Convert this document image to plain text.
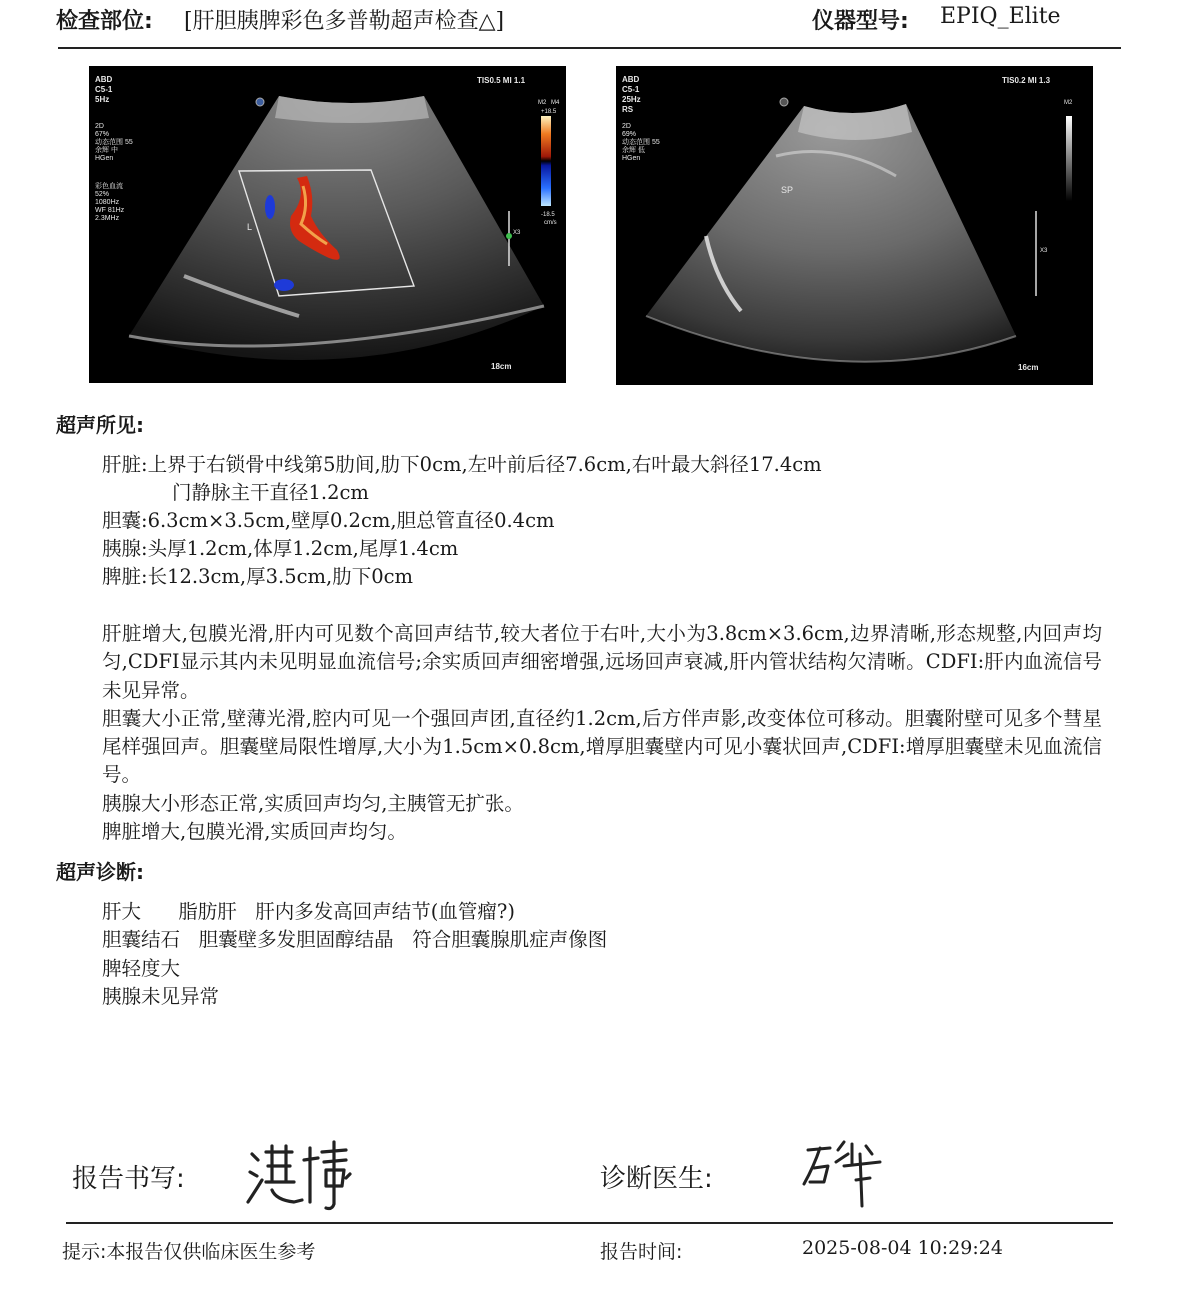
检查部位: [肝胆胰脾彩色多普勒超声检查△]	仪器型号: EPIQ_Elite
ABD
C5-1
5Hz
2D
67%
动态范围 55
余辉 中
HGen
彩色血流
52%
1080Hz
WF 81Hz
2.3MHz
TIS0.5 MI 1.1
M2 M4
+18.5
-18.5
cm/s
L
X3
18cm
ABD
C5-1
25Hz
RS
2D
69%
动态范围 55
余辉 低
HGen
TIS0.2 MI 1.3
M2
SP
X3
16cm
超声所见:
肝脏:上界于右锁骨中线第5肋间,肋下0cm,左叶前后径7.6cm,右叶最大斜径17.4cm
门静脉主干直径1.2cm
胆囊:6.3cm×3.5cm,壁厚0.2cm,胆总管直径0.4cm
胰腺:头厚1.2cm,体厚1.2cm,尾厚1.4cm
脾脏:长12.3cm,厚3.5cm,肋下0cm
肝脏增大,包膜光滑,肝内可见数个高回声结节,较大者位于右叶,大小为3.8cm×3.6cm,边界清晰,形态规整,内回声均匀,CDFI显示其内未见明显血流信号;余实质回声细密增强,远场回声衰减,肝内管状结构欠清晰。CDFI:肝内血流信号未见异常。
胆囊大小正常,壁薄光滑,腔内可见一个强回声团,直径约1.2cm,后方伴声影,改变体位可移动。胆囊附壁可见多个彗星尾样强回声。胆囊壁局限性增厚,大小为1.5cm×0.8cm,增厚胆囊壁内可见小囊状回声,CDFI:增厚胆囊壁未见血流信号。
胰腺大小形态正常,实质回声均匀,主胰管无扩张。
脾脏增大,包膜光滑,实质回声均匀。
超声诊断:
肝大      脂肪肝   肝内多发高回声结节(血管瘤?)
胆囊结石   胆囊壁多发胆固醇结晶   符合胆囊腺肌症声像图
脾轻度大
胰腺未见异常
报告书写:	诊断医生:
提示:本报告仅供临床医生参考	报告时间:	2025-08-04 10:29:24
